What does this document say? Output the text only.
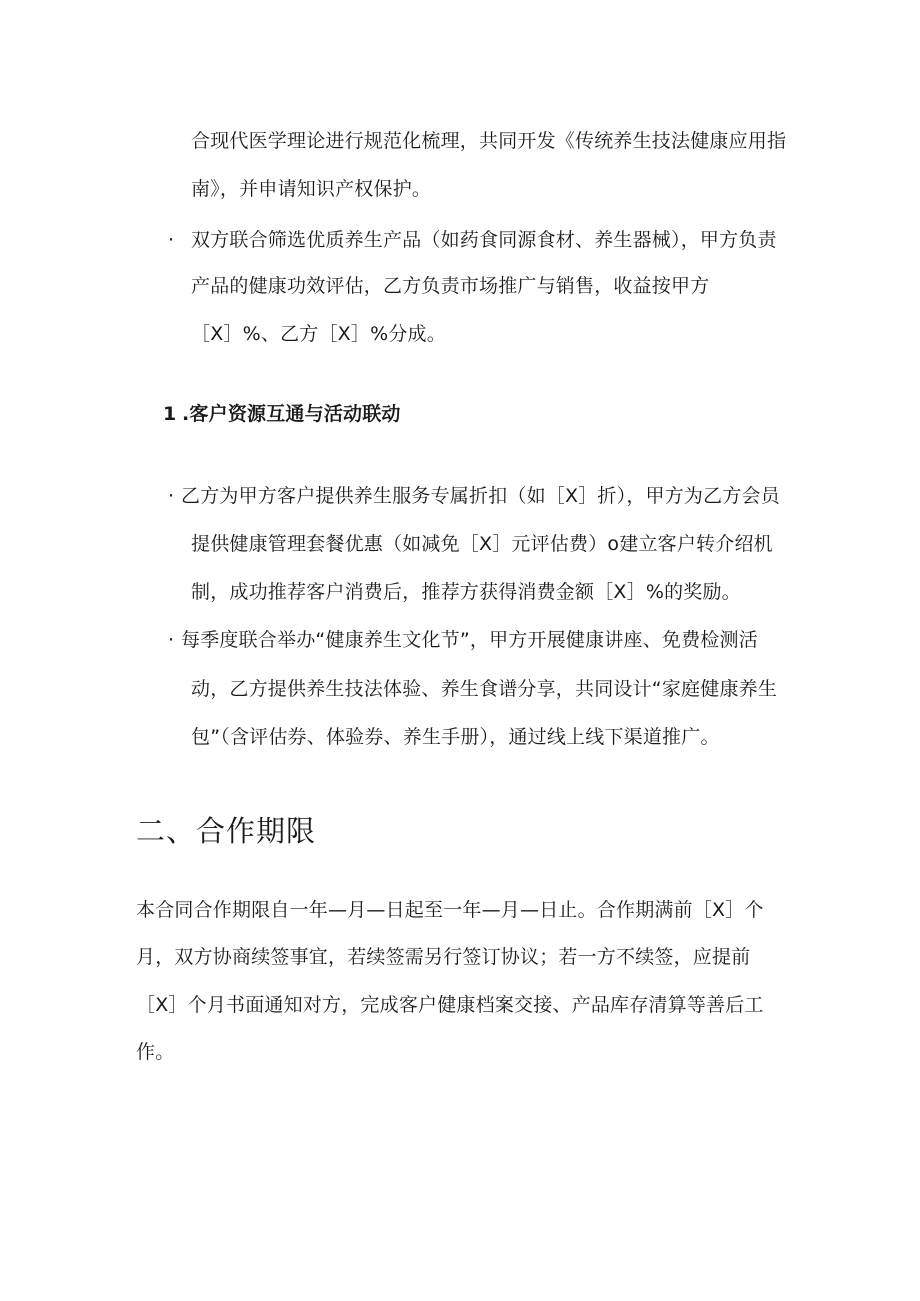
合现代医学理论进行规范化梳理，共同开发《传统养生技法健康应用指
南》，并申请知识产权保护。
· 双方联合筛选优质养生产品（如药食同源食材、养生器械），甲方负责
产品的健康功效评估，乙方负责市场推广与销售，收益按甲方
［X］%、乙方［X］%分成。
1 .客户资源互通与活动联动
· 乙方为甲方客户提供养生服务专属折扣（如［X］折），甲方为乙方会员
提供健康管理套餐优惠（如减免［X］元评估费）o建立客户转介绍机
制，成功推荐客户消费后，推荐方获得消费金额［X］%的奖励。
· 每季度联合举办“健康养生文化节”，甲方开展健康讲座、免费检测活
动，乙方提供养生技法体验、养生食谱分享，共同设计“家庭健康养生
包”（含评估券、体验券、养生手册），通过线上线下渠道推广。
二、合作期限
本合同合作期限自一年—月—日起至一年—月—日止。合作期满前［X］个
月，双方协商续签事宜，若续签需另行签订协议；若一方不续签，应提前
［X］个月书面通知对方，完成客户健康档案交接、产品库存清算等善后工
作。
